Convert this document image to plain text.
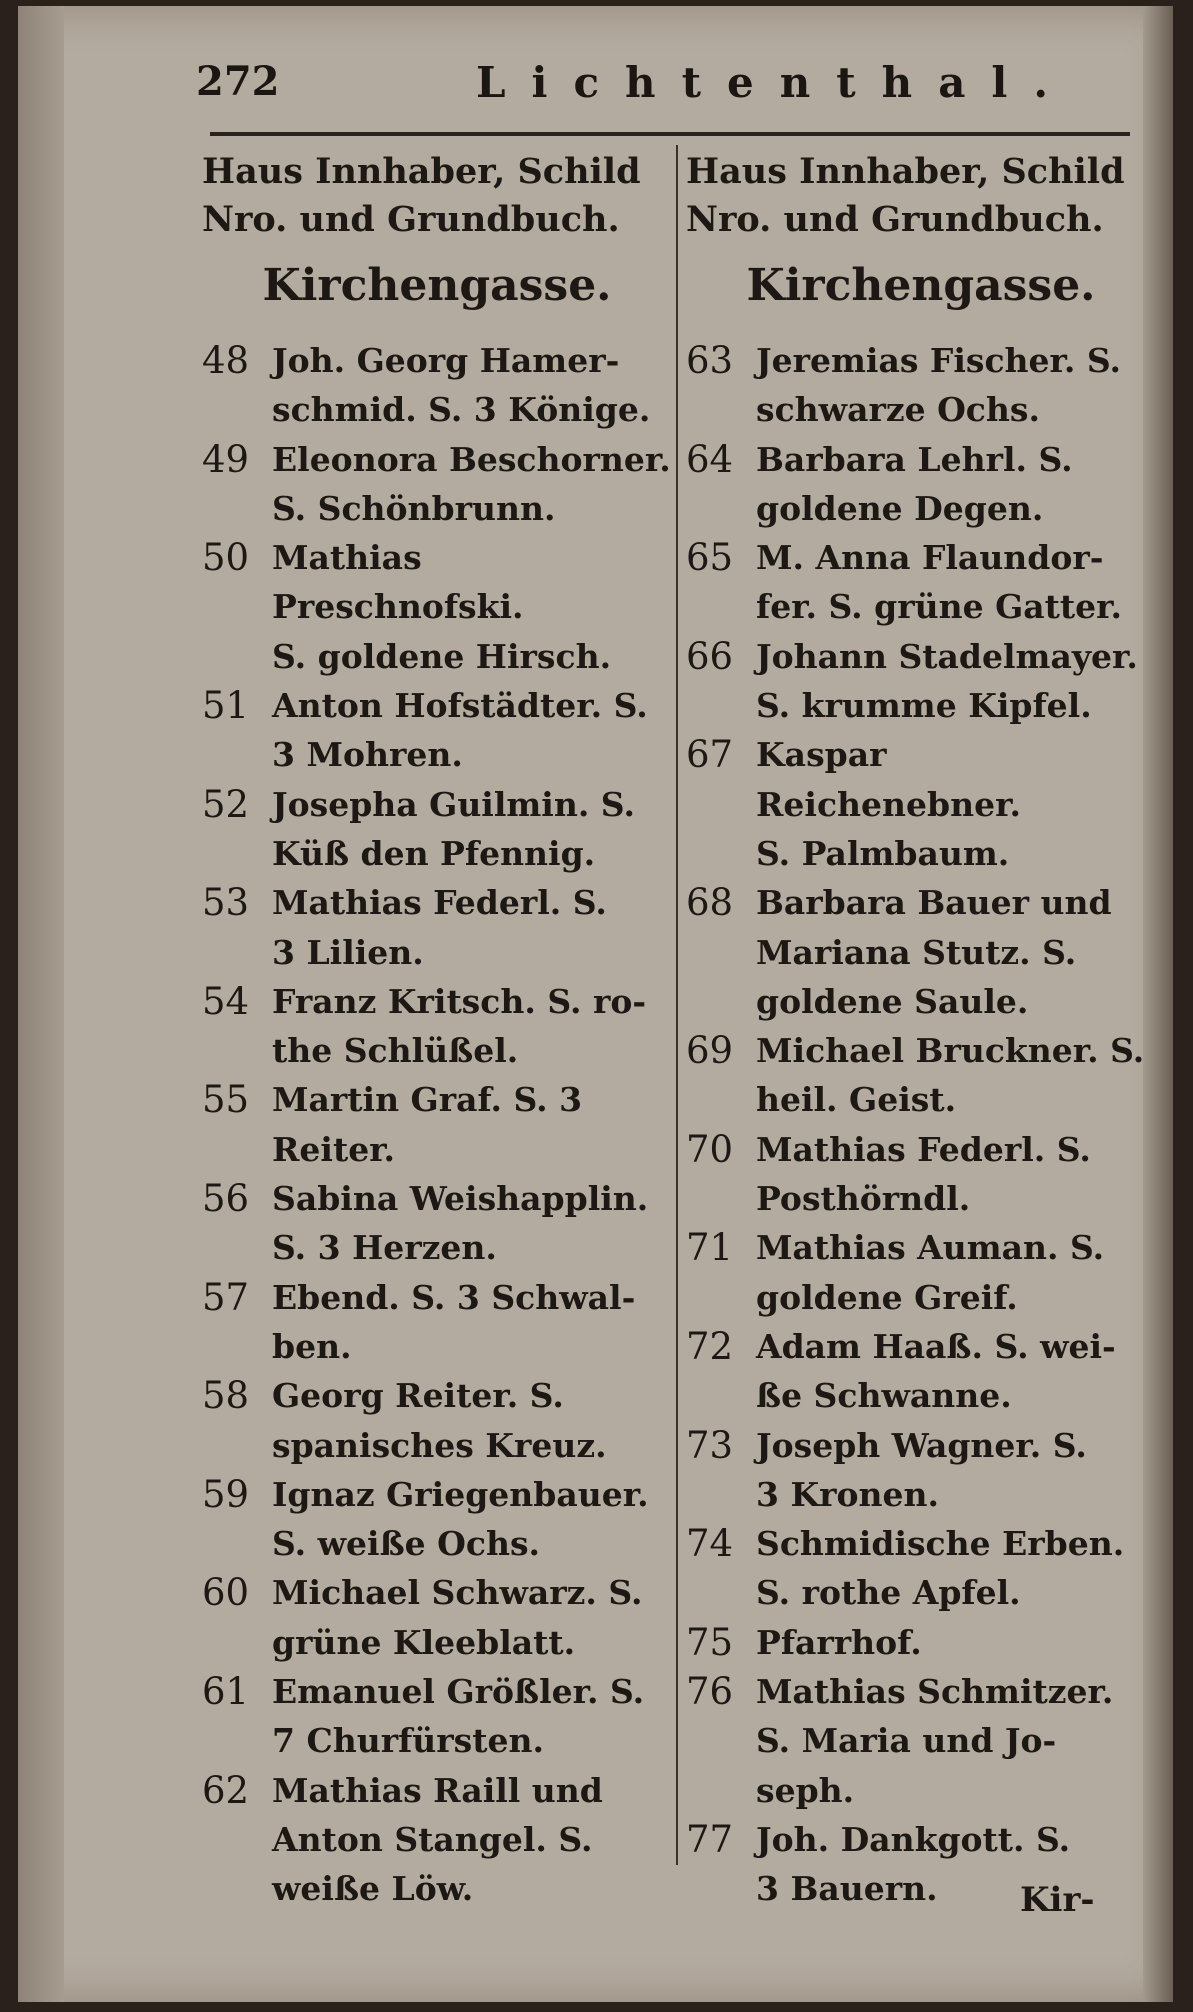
272	Lichtenthal.
Haus Innhaber, Schild
Nro. und Grundbuch.
Kirchengasse.
48 Joh. Georg Hamer-
schmid. S. 3 Könige.
49 Eleonora Beschorner.
S. Schönbrunn.
50 Mathias Preschnofski.
S. goldene Hirsch.
51 Anton Hofstädter. S.
3 Mohren.
52 Josepha Guilmin. S.
Küß den Pfennig.
53 Mathias Federl. S.
3 Lilien.
54 Franz Kritsch. S. ro-
the Schlüßel.
55 Martin Graf. S. 3
Reiter.
56 Sabina Weishapplin.
S. 3 Herzen.
57 Ebend. S. 3 Schwal-
ben.
58 Georg Reiter. S.
spanisches Kreuz.
59 Ignaz Griegenbauer.
S. weiße Ochs.
60 Michael Schwarz. S.
grüne Kleeblatt.
61 Emanuel Größler. S.
7 Churfürsten.
62 Mathias Raill und
Anton Stangel. S.
weiße Löw.
Haus Innhaber, Schild
Nro. und Grundbuch.
Kirchengasse.
63 Jeremias Fischer. S.
schwarze Ochs.
64 Barbara Lehrl. S.
goldene Degen.
65 M. Anna Flaundor-
fer. S. grüne Gatter.
66 Johann Stadelmayer.
S. krumme Kipfel.
67 Kaspar Reichenebner.
S. Palmbaum.
68 Barbara Bauer und
Mariana Stutz. S.
goldene Saule.
69 Michael Bruckner. S.
heil. Geist.
70 Mathias Federl. S.
Posthörndl.
71 Mathias Auman. S.
goldene Greif.
72 Adam Haaß. S. wei-
ße Schwanne.
73 Joseph Wagner. S.
3 Kronen.
74 Schmidische Erben.
S. rothe Apfel.
75 Pfarrhof.
76 Mathias Schmitzer.
S. Maria und Jo-
seph.
77 Joh. Dankgott. S.
3 Bauern.	Kir-
